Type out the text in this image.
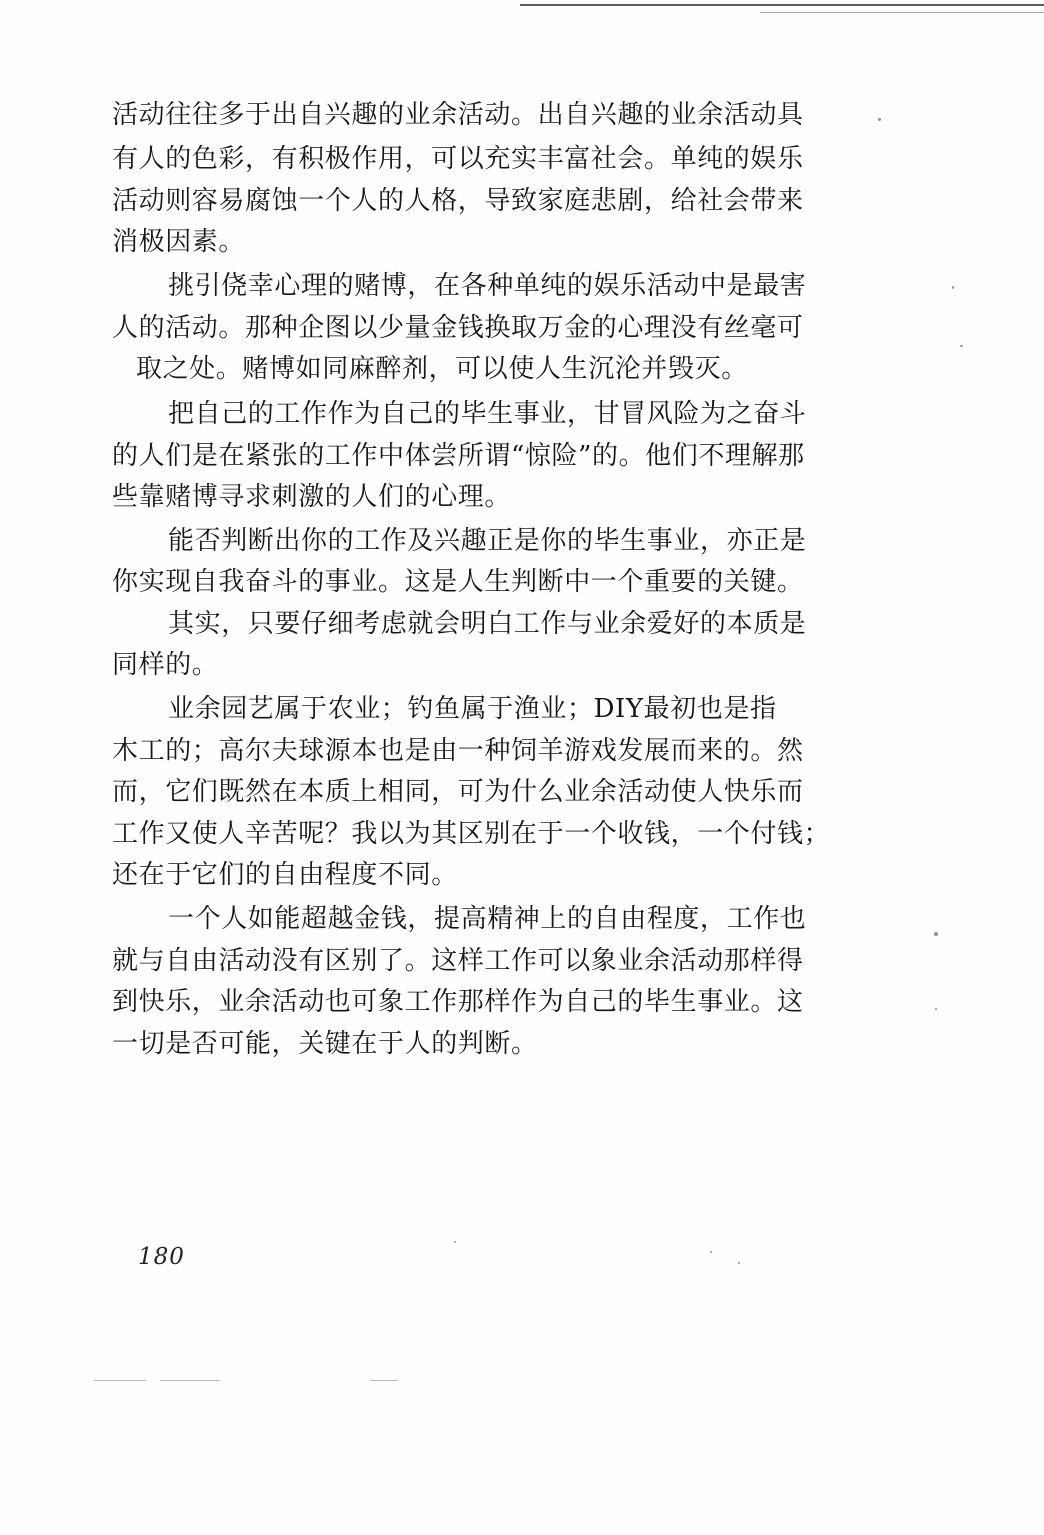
活动往往多于出自兴趣的业余活动。出自兴趣的业余活动具

有人的色彩，有积极作用，可以充实丰富社会。单纯的娱乐

活动则容易腐蚀一个人的人格，导致家庭悲剧，给社会带来

消极因素。

挑引侥幸心理的赌博，在各种单纯的娱乐活动中是最害

人的活动。那种企图以少量金钱换取万金的心理没有丝毫可

取之处。赌博如同麻醉剂，可以使人生沉沦并毁灭。

把自己的工作作为自己的毕生事业，甘冒风险为之奋斗

的人们是在紧张的工作中体尝所谓“惊险”的。他们不理解那

些靠赌博寻求刺激的人们的心理。

能否判断出你的工作及兴趣正是你的毕生事业，亦正是

你实现自我奋斗的事业。这是人生判断中一个重要的关键。

其实，只要仔细考虑就会明白工作与业余爱好的本质是

同样的。

业余园艺属于农业；钓鱼属于渔业；DIY最初也是指

木工的；高尔夫球源本也是由一种饲羊游戏发展而来的。然

而，它们既然在本质上相同，可为什么业余活动使人快乐而

工作又使人辛苦呢？我以为其区别在于一个收钱，一个付钱；

还在于它们的自由程度不同。

一个人如能超越金钱，提高精神上的自由程度，工作也

就与自由活动没有区别了。这样工作可以象业余活动那样得

到快乐，业余活动也可象工作那样作为自己的毕生事业。这

一切是否可能，关键在于人的判断。

180
